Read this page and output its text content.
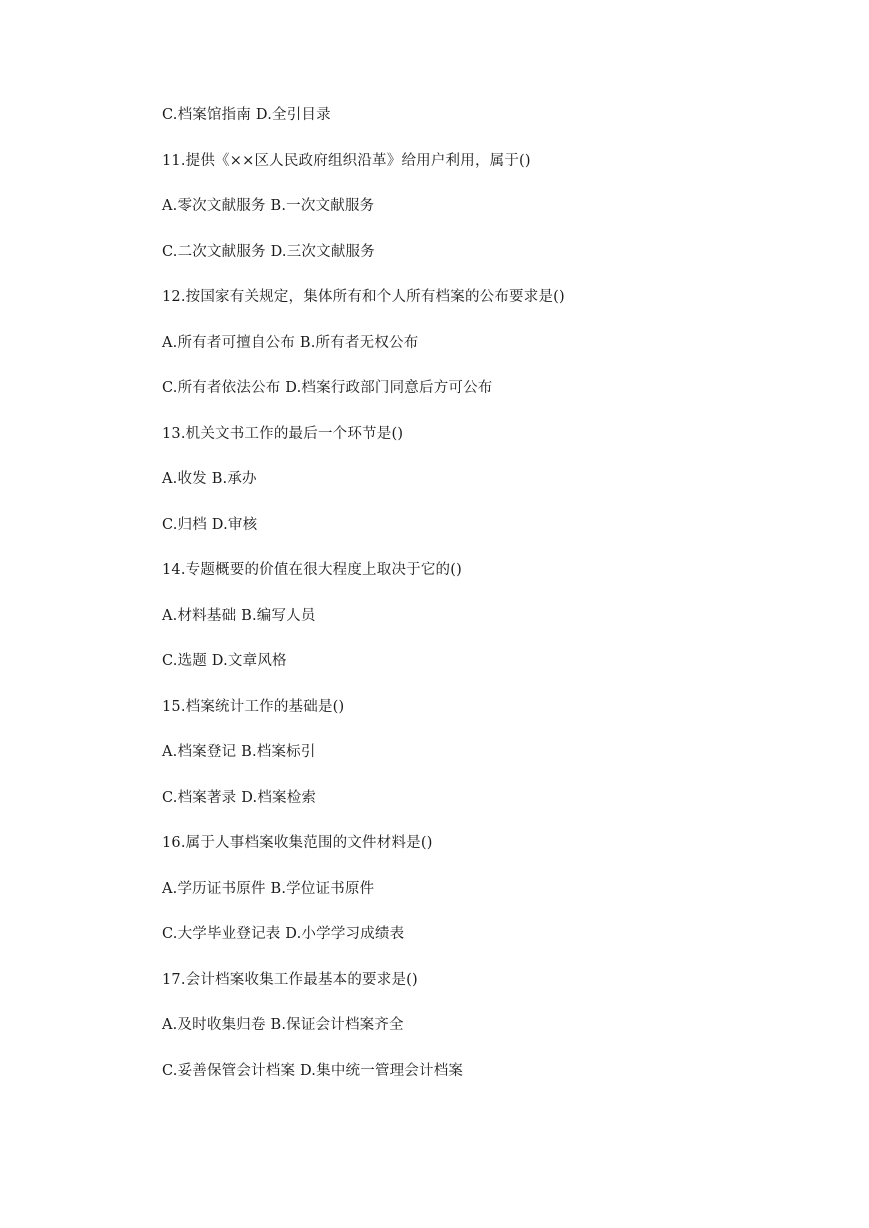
C.档案馆指南 D.全引目录
11.提供《××区人民政府组织沿革》给用户利用，属于()
A.零次文献服务 B.一次文献服务
C.二次文献服务 D.三次文献服务
12.按国家有关规定，集体所有和个人所有档案的公布要求是()
A.所有者可擅自公布 B.所有者无权公布
C.所有者依法公布 D.档案行政部门同意后方可公布
13.机关文书工作的最后一个环节是()
A.收发 B.承办
C.归档 D.审核
14.专题概要的价值在很大程度上取决于它的()
A.材料基础 B.编写人员
C.选题 D.文章风格
15.档案统计工作的基础是()
A.档案登记 B.档案标引
C.档案著录 D.档案检索
16.属于人事档案收集范围的文件材料是()
A.学历证书原件 B.学位证书原件
C.大学毕业登记表 D.小学学习成绩表
17.会计档案收集工作最基本的要求是()
A.及时收集归卷 B.保证会计档案齐全
C.妥善保管会计档案 D.集中统一管理会计档案
